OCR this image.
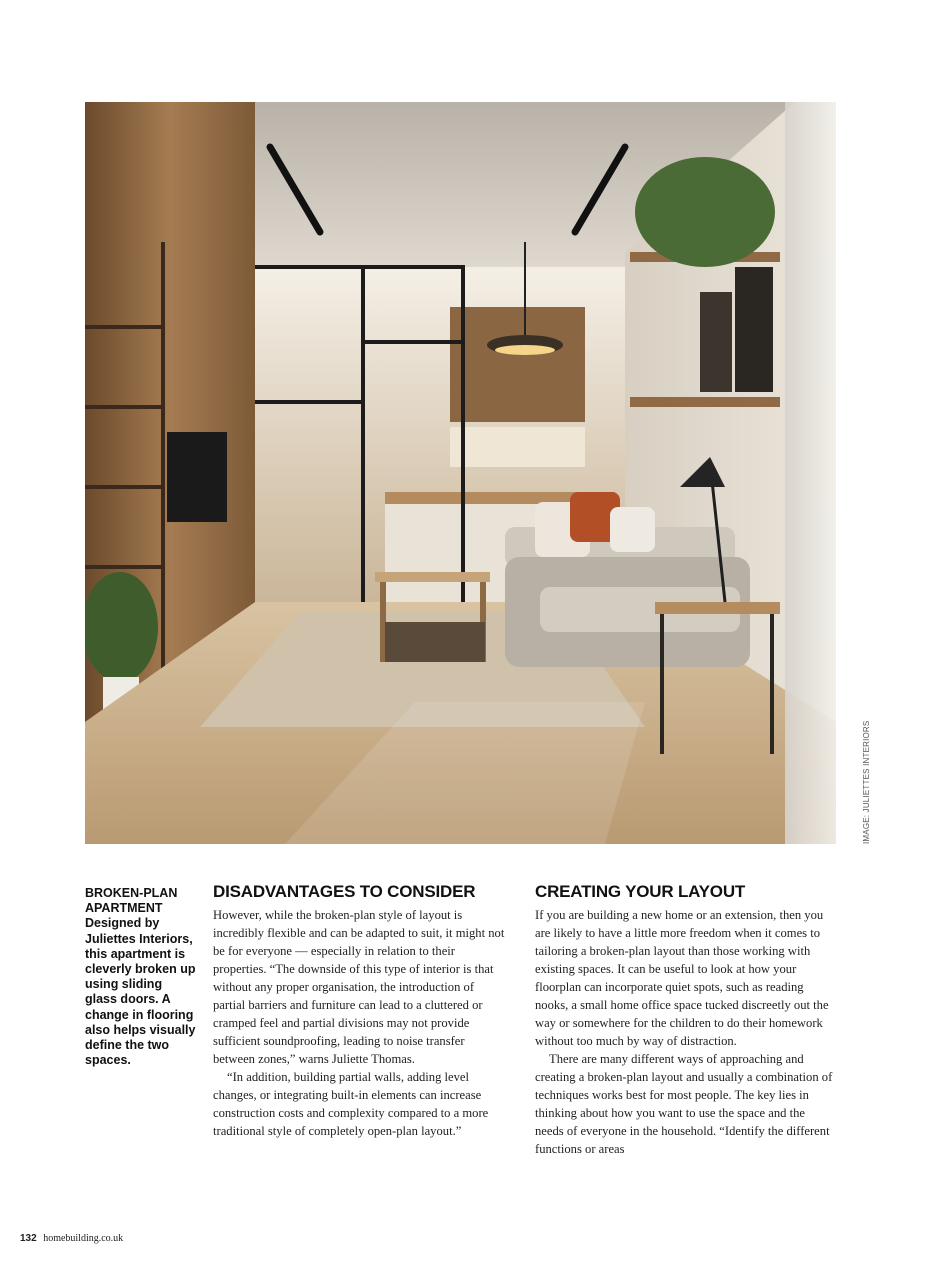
IMAGE: JULIETTES INTERIORS
BROKEN-PLAN APARTMENT
Designed by Juliettes Interiors, this apartment is cleverly broken up using sliding glass doors. A change in flooring also helps visually define the two spaces.
DISADVANTAGES TO CONSIDER

However, while the broken-plan style of layout is incredibly flexible and can be adapted to suit, it might not be for everyone — especially in relation to their properties. “The downside of this type of interior is that without any proper organisation, the introduction of partial barriers and furniture can lead to a cluttered or cramped feel and partial divisions may not provide sufficient soundproofing, leading to noise transfer between zones,” warns Juliette Thomas.

“In addition, building partial walls, adding level changes, or integrating built-in elements can increase construction costs and complexity compared to a more traditional style of completely open-plan layout.”

CREATING YOUR LAYOUT

If you are building a new home or an extension, then you are likely to have a little more freedom when it comes to tailoring a broken-plan layout than those working with existing spaces. It can be useful to look at how your floorplan can incorporate quiet spots, such as reading nooks, a small home office space tucked discreetly out the way or somewhere for the children to do their homework without too much by way of distraction.

There are many different ways of approaching and creating a broken-plan layout and usually a combination of techniques works best for most people. The key lies in thinking about how you want to use the space and the needs of everyone in the household. “Identify the different functions or areas

132 homebuilding.co.uk
